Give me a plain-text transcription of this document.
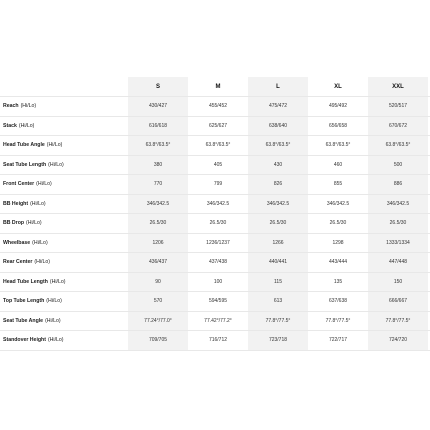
S	M	L	XL	XXL
Reach (Hi/Lo)	430/427	455/452	475/472	495/492	520/517
Stack (Hi/Lo)	616/618	625/627	638/640	656/658	670/672
Head Tube Angle (Hi/Lo)	63.8°/63.5°	63.8°/63.5°	63.8°/63.5°	63.8°/63.5°	63.8°/63.5°
Seat Tube Length (Hi/Lo)	380	405	430	460	500
Front Center (Hi/Lo)	770	799	826	855	886
BB Height (Hi/Lo)	346/342.5	346/342.5	346/342.5	346/342.5	346/342.5
BB Drop (Hi/Lo)	26.5/30	26.5/30	26.5/30	26.5/30	26.5/30
Wheelbase (Hi/Lo)	1206	1236/1237	1266	1298	1333/1334
Rear Center (Hi/Lo)	436/437	437/438	440/441	443/444	447/448
Head Tube Length (Hi/Lo)	90	100	115	135	150
Top Tube Length (Hi/Lo)	570	594/595	613	637/638	666/667
Seat Tube Angle (Hi/Lo)	77.24°/77.0°	77.42°/77.2°	77.8°/77.5°	77.8°/77.5°	77.8°/77.5°
Standover Height (Hi/Lo)	709/705	716/712	723/718	722/717	724/720
